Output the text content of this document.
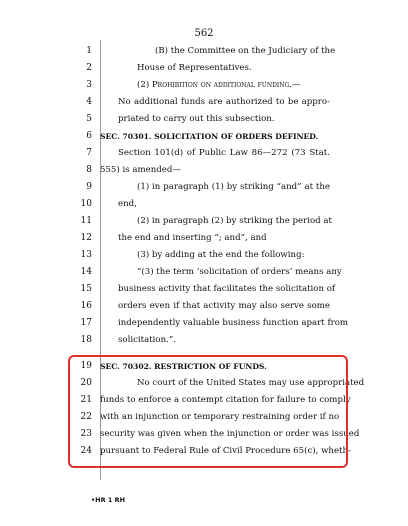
562
1	(B) the Committee on the Judiciary of the
2	House of Representatives.
3	(2) Prohibition on additional funding.—
4	No additional funds are authorized to be appro-
5	priated to carry out this subsection.
6 SEC. 70301. SOLICITATION OF ORDERS DEFINED.
7	Section 101(d) of Public Law 86—272 (73 Stat.
8 555) is amended—
9	(1) in paragraph (1) by striking “and” at the
10	end,
11	(2) in paragraph (2) by striking the period at
12	the end and inserting “; and”, and
13	(3) by adding at the end the following:
14	“(3) the term ‘solicitation of orders’ means any
15	business activity that facilitates the solicitation of
16	orders even if that activity may also serve some
17	independently valuable business function apart from
18	solicitation.”.
19 SEC. 70302. RESTRICTION OF FUNDS.
20	No court of the United States may use appropriated
21 funds to enforce a contempt citation for failure to comply
22 with an injunction or temporary restraining order if no
23 security was given when the injunction or order was issued
24 pursuant to Federal Rule of Civil Procedure 65(c), wheth-
•HR 1 RH
